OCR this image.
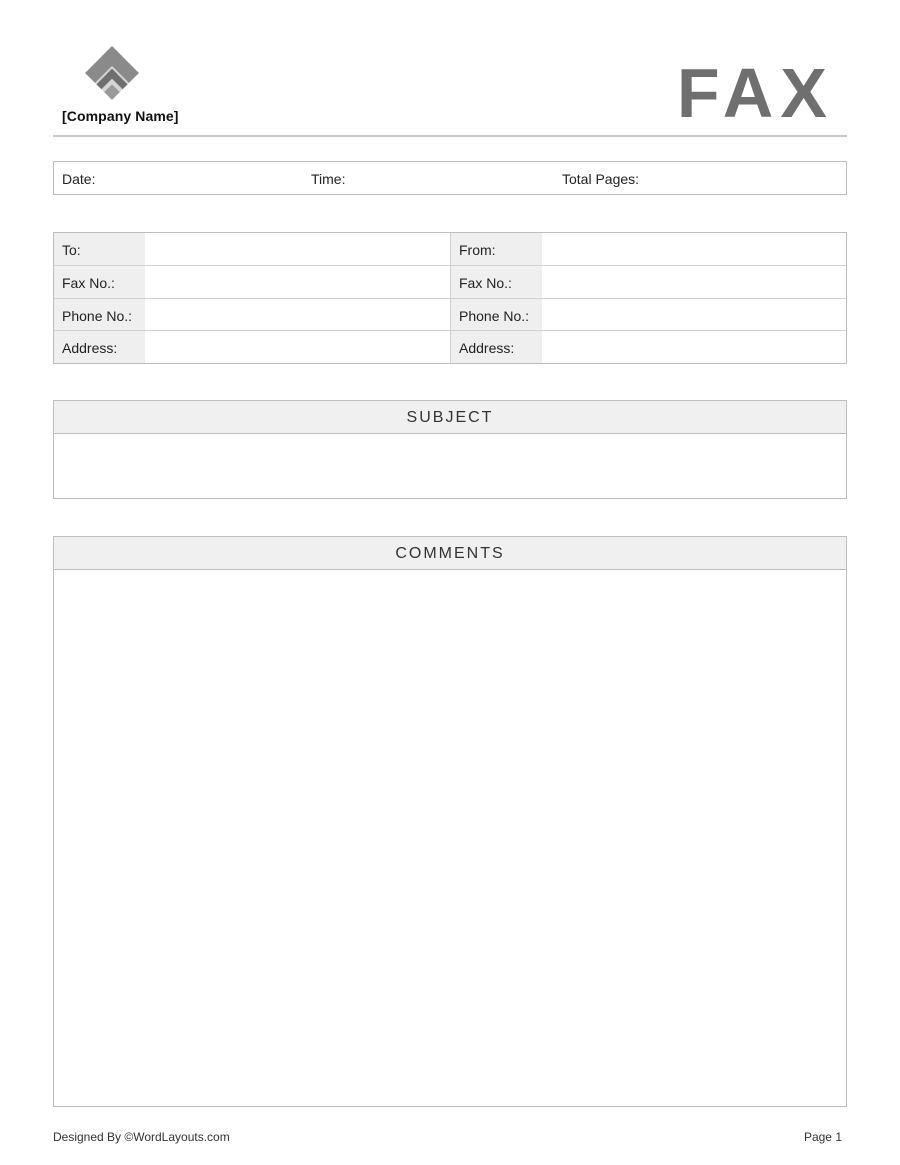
[Company Name]	FAX
Date:	Time:	Total Pages:
To:	From:
Fax No.:	Fax No.:
Phone No.:	Phone No.:
Address:	Address:
SUBJECT
COMMENTS
Designed By ©WordLayouts.com	Page 1
